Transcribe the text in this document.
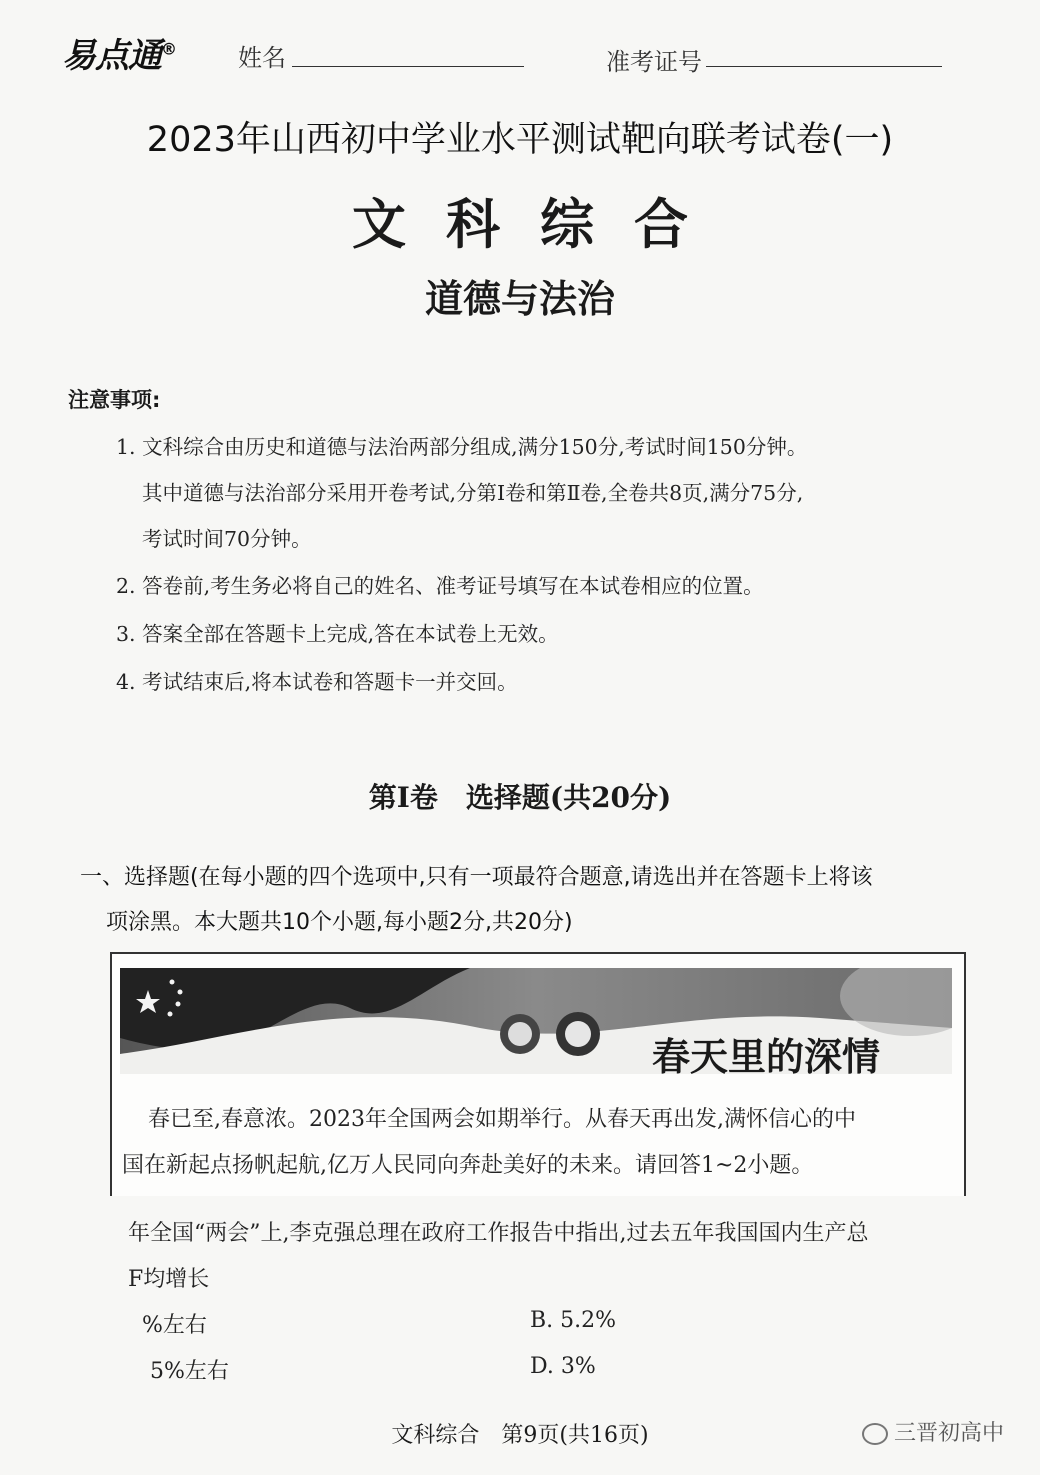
易点通®	姓名	准考证号
2023年山西初中学业水平测试靶向联考试卷(一)
文科综合
道德与法治
注意事项:
1. 文科综合由历史和道德与法治两部分组成,满分150分,考试时间150分钟。
其中道德与法治部分采用开卷考试,分第Ⅰ卷和第Ⅱ卷,全卷共8页,满分75分,
考试时间70分钟。
2. 答卷前,考生务必将自己的姓名、准考证号填写在本试卷相应的位置。
3. 答案全部在答题卡上完成,答在本试卷上无效。
4. 考试结束后,将本试卷和答题卡一并交回。
第Ⅰ卷　选择题(共20分)
一、选择题(在每小题的四个选项中,只有一项最符合题意,请选出并在答题卡上将该
项涂黑。本大题共10个小题,每小题2分,共20分)
春天里的深情
春已至,春意浓。2023年全国两会如期举行。从春天再出发,满怀信心的中
国在新起点扬帆起航,亿万人民同向奔赴美好的未来。请回答1~2小题。
年全国“两会”上,李克强总理在政府工作报告中指出,过去五年我国国内生产总
F均增长
%左右	B. 5.2%
5%左右	D. 3%
文科综合　第9页(共16页)	三晋初高中
